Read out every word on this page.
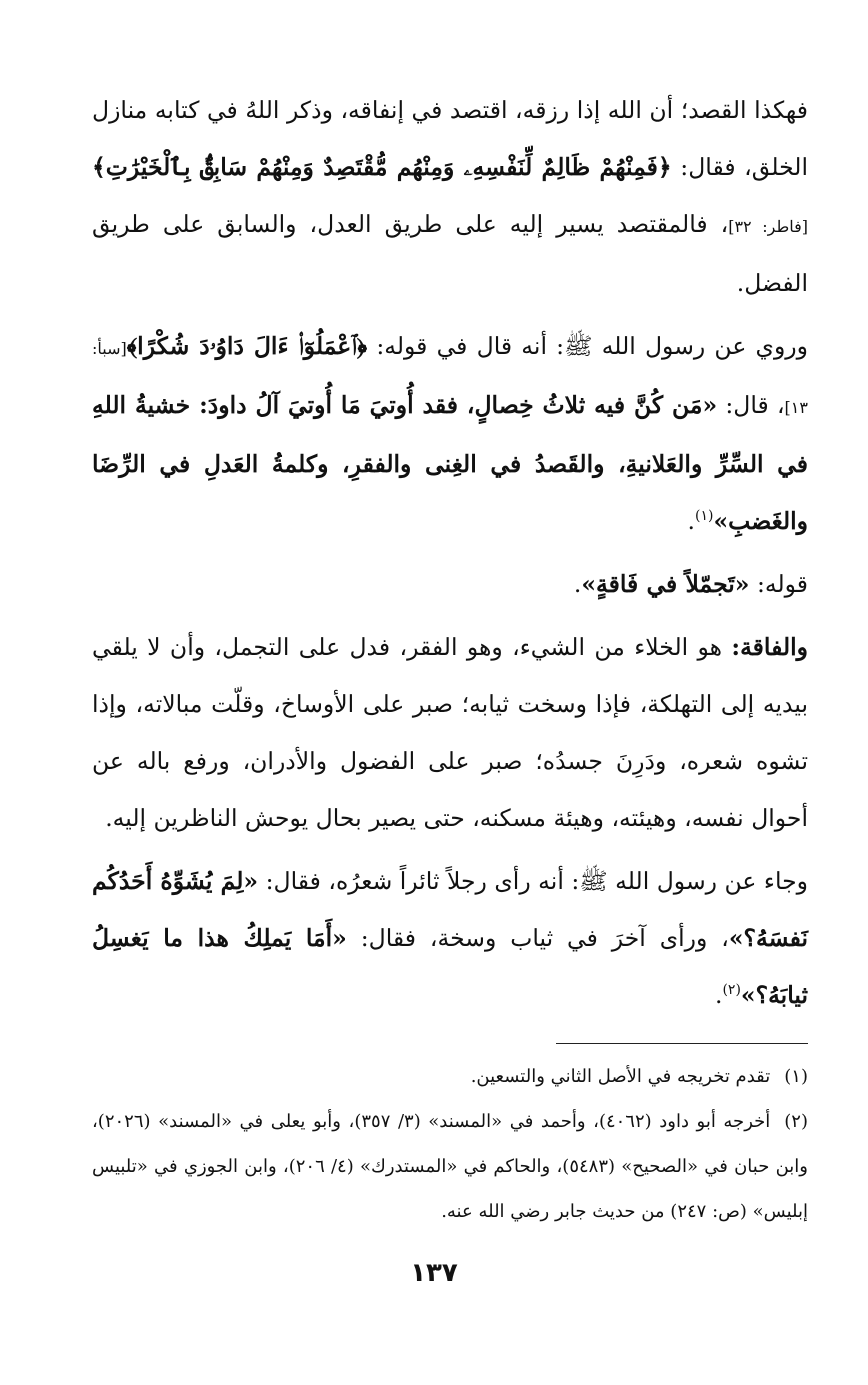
فهكذا القصد؛ أن الله إذا رزقه، اقتصد في إنفاقه، وذكر اللهُ في كتابه منازل الخلق، فقال: ﴿فَمِنْهُمْ ظَالِمٌ لِّنَفْسِهِۦ وَمِنْهُم مُّقْتَصِدٌ وَمِنْهُمْ سَابِقٌۢ بِٱلْخَيْرَٰتِ﴾[فاطر: ٣٢]، فالمقتصد يسير إليه على طريق العدل، والسابق على طريق الفضل.

وروي عن رسول الله ﷺ: أنه قال في قوله: ﴿ٱعْمَلُوٓا۟ ءَالَ دَاوُۥدَ شُكْرًا﴾[سبأ: ١٣]، قال: «مَن كُنَّ فيه ثلاثُ خِصالٍ، فقد أُوتيَ مَا أُوتيَ آلُ داودَ: خشيةُ اللهِ في السِّرِّ والعَلانيةِ، والقَصدُ في الغِنى والفقرِ، وكلمةُ العَدلِ في الرِّضَا والغَضبِ»$^{(١)}$.

قوله: «تَجمّلاً في فَاقةٍ».

والفاقة: هو الخلاء من الشيء، وهو الفقر، فدل على التجمل، وأن لا يلقي بيديه إلى التهلكة، فإذا وسخت ثيابه؛ صبر على الأوساخ، وقلّت مبالاته، وإذا تشوه شعره، ودَرِنَ جسدُه؛ صبر على الفضول والأدران، ورفع باله عن أحوال نفسه، وهيئته، وهيئة مسكنه، حتى يصير بحال يوحش الناظرين إليه.

وجاء عن رسول الله ﷺ: أنه رأى رجلاً ثائراً شعرُه، فقال: «لِمَ يُشَوِّهُ أَحَدُكُم نَفسَهُ؟»، ورأى آخرَ في ثياب وسخة، فقال: «أَمَا يَملِكُ هذا ما يَغسِلُ ثيابَهُ؟»$^{(٢)}$.

(١)تقدم تخريجه في الأصل الثاني والتسعين.

(٢)أخرجه أبو داود (٤٠٦٢)، وأحمد في «المسند» (٣/ ٣٥٧)، وأبو يعلى في «المسند» (٢٠٢٦)، وابن حبان في «الصحيح» (٥٤٨٣)، والحاكم في «المستدرك» (٤/ ٢٠٦)، وابن الجوزي في «تلبيس إبليس» (ص: ٢٤٧) من حديث جابر رضي الله عنه.

١٣٧
